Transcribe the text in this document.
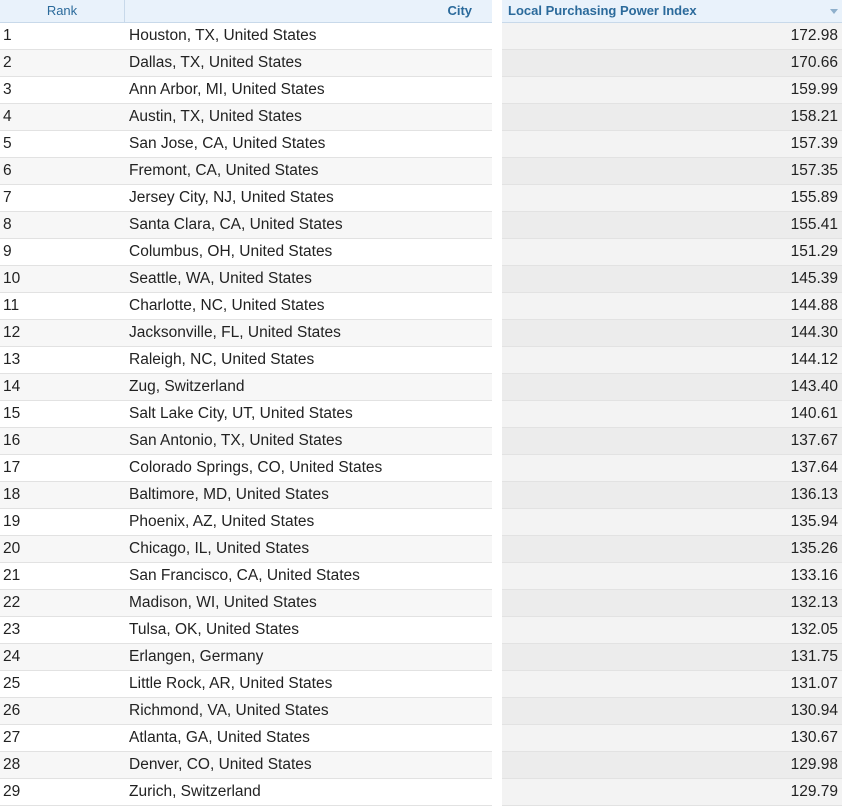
Rank	City	Local Purchasing Power Index
1	Houston, TX, United States	172.98
2	Dallas, TX, United States	170.66
3	Ann Arbor, MI, United States	159.99
4	Austin, TX, United States	158.21
5	San Jose, CA, United States	157.39
6	Fremont, CA, United States	157.35
7	Jersey City, NJ, United States	155.89
8	Santa Clara, CA, United States	155.41
9	Columbus, OH, United States	151.29
10	Seattle, WA, United States	145.39
11	Charlotte, NC, United States	144.88
12	Jacksonville, FL, United States	144.30
13	Raleigh, NC, United States	144.12
14	Zug, Switzerland	143.40
15	Salt Lake City, UT, United States	140.61
16	San Antonio, TX, United States	137.67
17	Colorado Springs, CO, United States	137.64
18	Baltimore, MD, United States	136.13
19	Phoenix, AZ, United States	135.94
20	Chicago, IL, United States	135.26
21	San Francisco, CA, United States	133.16
22	Madison, WI, United States	132.13
23	Tulsa, OK, United States	132.05
24	Erlangen, Germany	131.75
25	Little Rock, AR, United States	131.07
26	Richmond, VA, United States	130.94
27	Atlanta, GA, United States	130.67
28	Denver, CO, United States	129.98
29	Zurich, Switzerland	129.79
